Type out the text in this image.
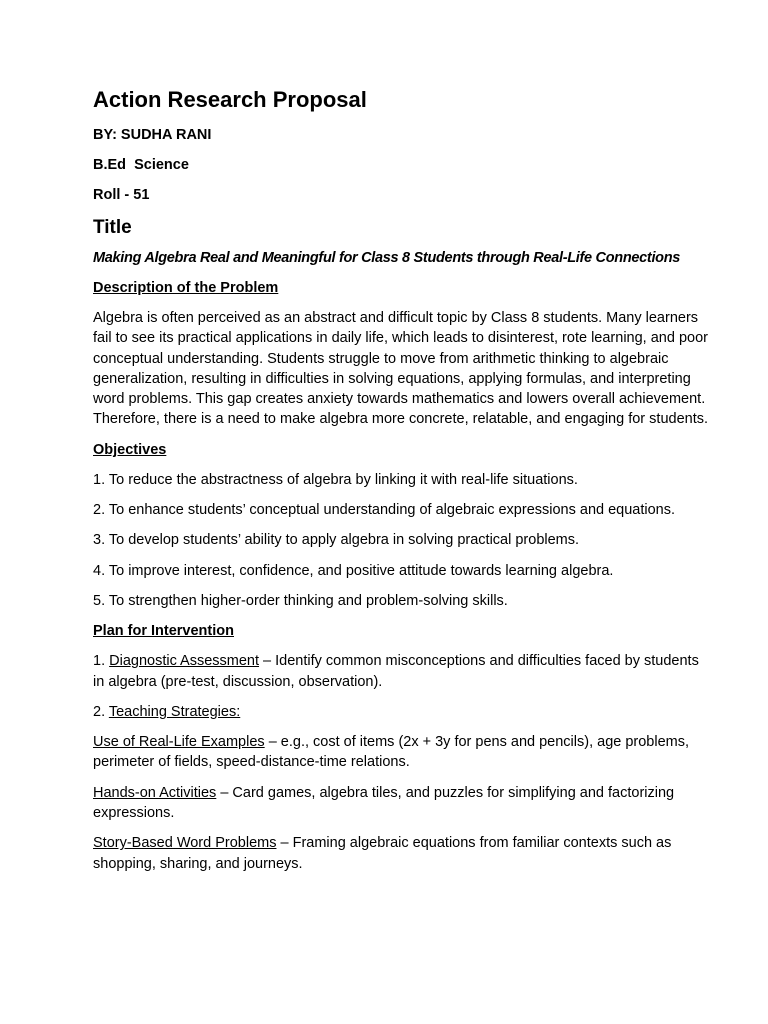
Action Research Proposal
BY: SUDHA RANI
B.Ed  Science
Roll - 51
Title
Making Algebra Real and Meaningful for Class 8 Students through Real-Life Connections
Description of the Problem

Algebra is often perceived as an abstract and difficult topic by Class 8 students. Many learners fail to see its practical applications in daily life, which leads to disinterest, rote learning, and poor conceptual understanding. Students struggle to move from arithmetic thinking to algebraic generalization, resulting in difficulties in solving equations, applying formulas, and interpreting word problems. This gap creates anxiety towards mathematics and lowers overall achievement. Therefore, there is a need to make algebra more concrete, relatable, and engaging for students.

Objectives

1. To reduce the abstractness of algebra by linking it with real-life situations.

2. To enhance students’ conceptual understanding of algebraic expressions and equations.

3. To develop students’ ability to apply algebra in solving practical problems.

4. To improve interest, confidence, and positive attitude towards learning algebra.

5. To strengthen higher-order thinking and problem-solving skills.

Plan for Intervention

1. Diagnostic Assessment – Identify common misconceptions and difficulties faced by students in algebra (pre-test, discussion, observation).

2. Teaching Strategies:

Use of Real-Life Examples – e.g., cost of items (2x + 3y for pens and pencils), age problems, perimeter of fields, speed-distance-time relations.

Hands-on Activities – Card games, algebra tiles, and puzzles for simplifying and factorizing expressions.

Story-Based Word Problems – Framing algebraic equations from familiar contexts such as shopping, sharing, and journeys.
